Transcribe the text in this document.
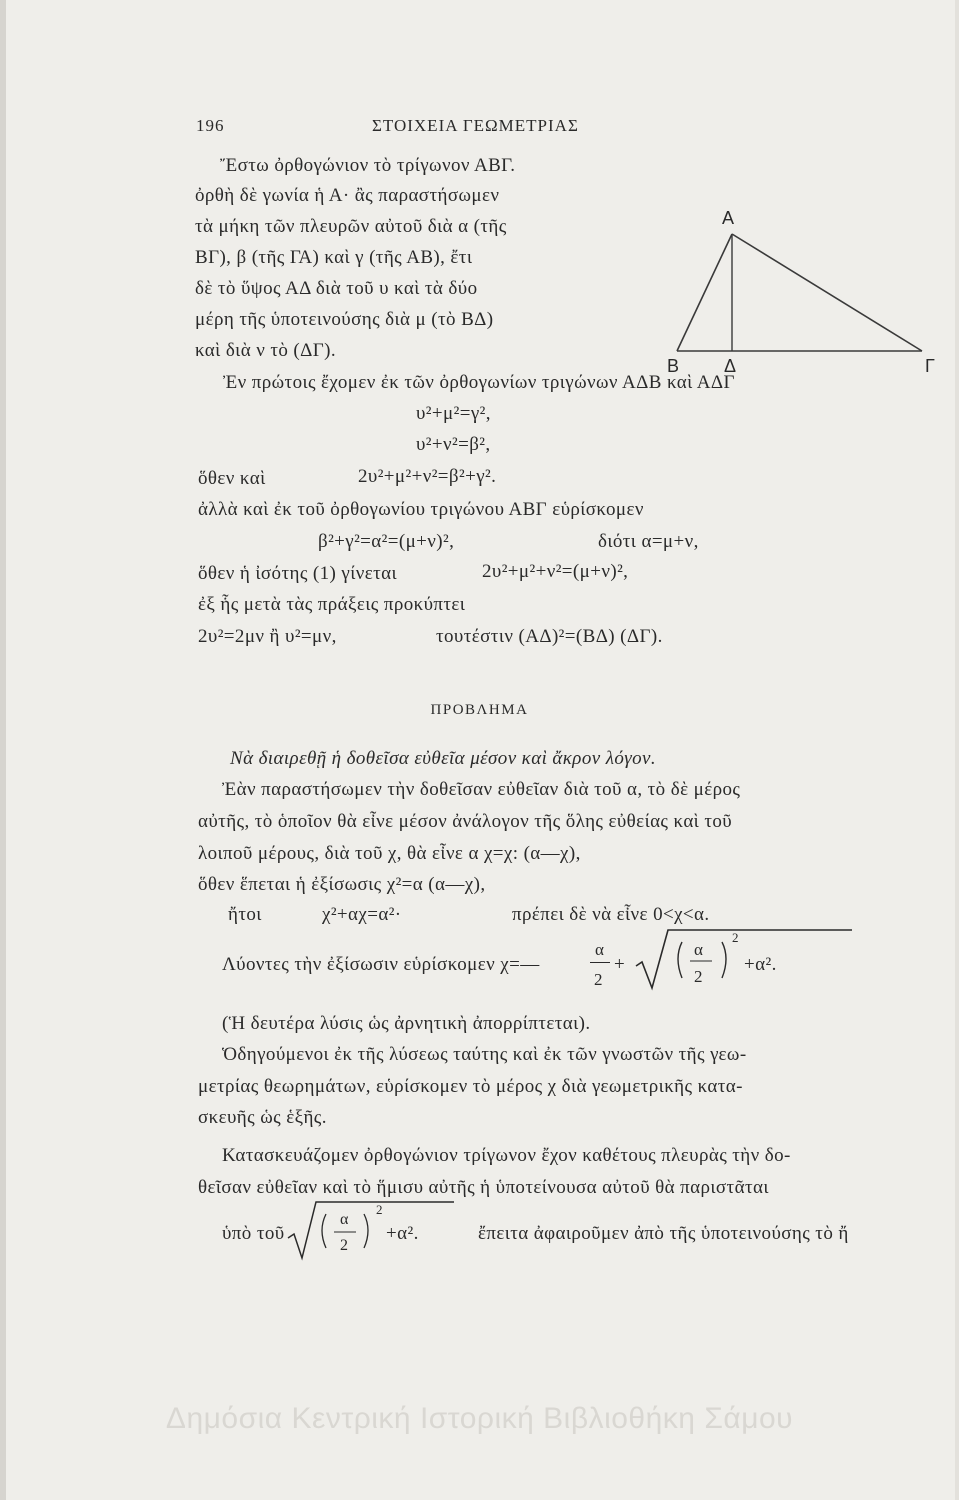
196	ΣΤΟΙΧΕΙΑ ΓΕΩΜΕΤΡΙΑΣ
Α
Β Δ	Γ
Ἔστω ὀρθογώνιον τὸ τρίγωνον ΑΒΓ.
ὀρθὴ δὲ γωνία ἡ Α· ἂς παραστήσωμεν
τὰ μήκη τῶν πλευρῶν αὐτοῦ διὰ α (τῆς
ΒΓ), β (τῆς ΓΑ) καὶ γ (τῆς ΑΒ), ἔτι
δὲ τὸ ὕψος ΑΔ διὰ τοῦ υ καὶ τὰ δύο
μέρη τῆς ὑποτεινούσης διὰ μ (τὸ ΒΔ)
καὶ διὰ ν τὸ (ΔΓ).
Ἐν πρώτοις ἔχομεν ἐκ τῶν ὀρθογωνίων τριγώνων ΑΔΒ καὶ ΑΔΓ
υ²+μ²=γ²,
υ²+ν²=β²,
ὅθεν καὶ	2υ²+μ²+ν²=β²+γ².
ἀλλὰ καὶ ἐκ τοῦ ὀρθογωνίου τριγώνου ΑΒΓ εὑρίσκομεν
β²+γ²=α²=(μ+ν)²,	διότι α=μ+ν,
ὅθεν ἡ ἰσότης (1) γίνεται	2υ²+μ²+ν²=(μ+ν)²,
ἐξ ἧς μετὰ τὰς πράξεις προκύπτει
2υ²=2μν ἢ υ²=μν,	τουτέστιν (ΑΔ)²=(ΒΔ) (ΔΓ).
ΠΡΟΒΛΗΜΑ
Νὰ διαιρεθῇ ἡ δοθεῖσα εὐθεῖα μέσον καὶ ἄκρον λόγον.
Ἐὰν παραστήσωμεν τὴν δοθεῖσαν εὐθεῖαν διὰ τοῦ α, τὸ δὲ μέρος
αὐτῆς, τὸ ὁποῖον θὰ εἶνε μέσον ἀνάλογον τῆς ὅλης εὐθείας καὶ τοῦ
λοιποῦ μέρους, διὰ τοῦ χ, θὰ εἶνε α χ=χ: (α—χ),
ὅθεν ἕπεται ἡ ἐξίσωσις χ²=α (α—χ),
ἤτοι	χ²+αχ=α²·	πρέπει δὲ νὰ εἶνε 0<χ<α.
Λύοντες τὴν ἐξίσωσιν εὑρίσκομεν χ=—
α
2
+
α
2
2
+α².
(Ἡ δευτέρα λύσις ὡς ἀρνητικὴ ἀπορρίπτεται).
Ὁδηγούμενοι ἐκ τῆς λύσεως ταύτης καὶ ἐκ τῶν γνωστῶν τῆς γεω-
μετρίας θεωρημάτων, εὑρίσκομεν τὸ μέρος χ διὰ γεωμετρικῆς κατα-
σκευῆς ὡς ἑξῆς.
Κατασκευάζομεν ὀρθογώνιον τρίγωνον ἔχον καθέτους πλευρὰς τὴν δο-
θεῖσαν εὐθεῖαν καὶ τὸ ἥμισυ αὐτῆς ἡ ὑποτείνουσα αὐτοῦ θὰ παριστᾶται
ὑπὸ τοῦ
α
2
2
+α².	ἔπειτα ἀφαιροῦμεν ἀπὸ τῆς ὑποτεινούσης τὸ ἤ
Δημόσια Κεντρική Ιστορική Βιβλιοθήκη Σάμου
